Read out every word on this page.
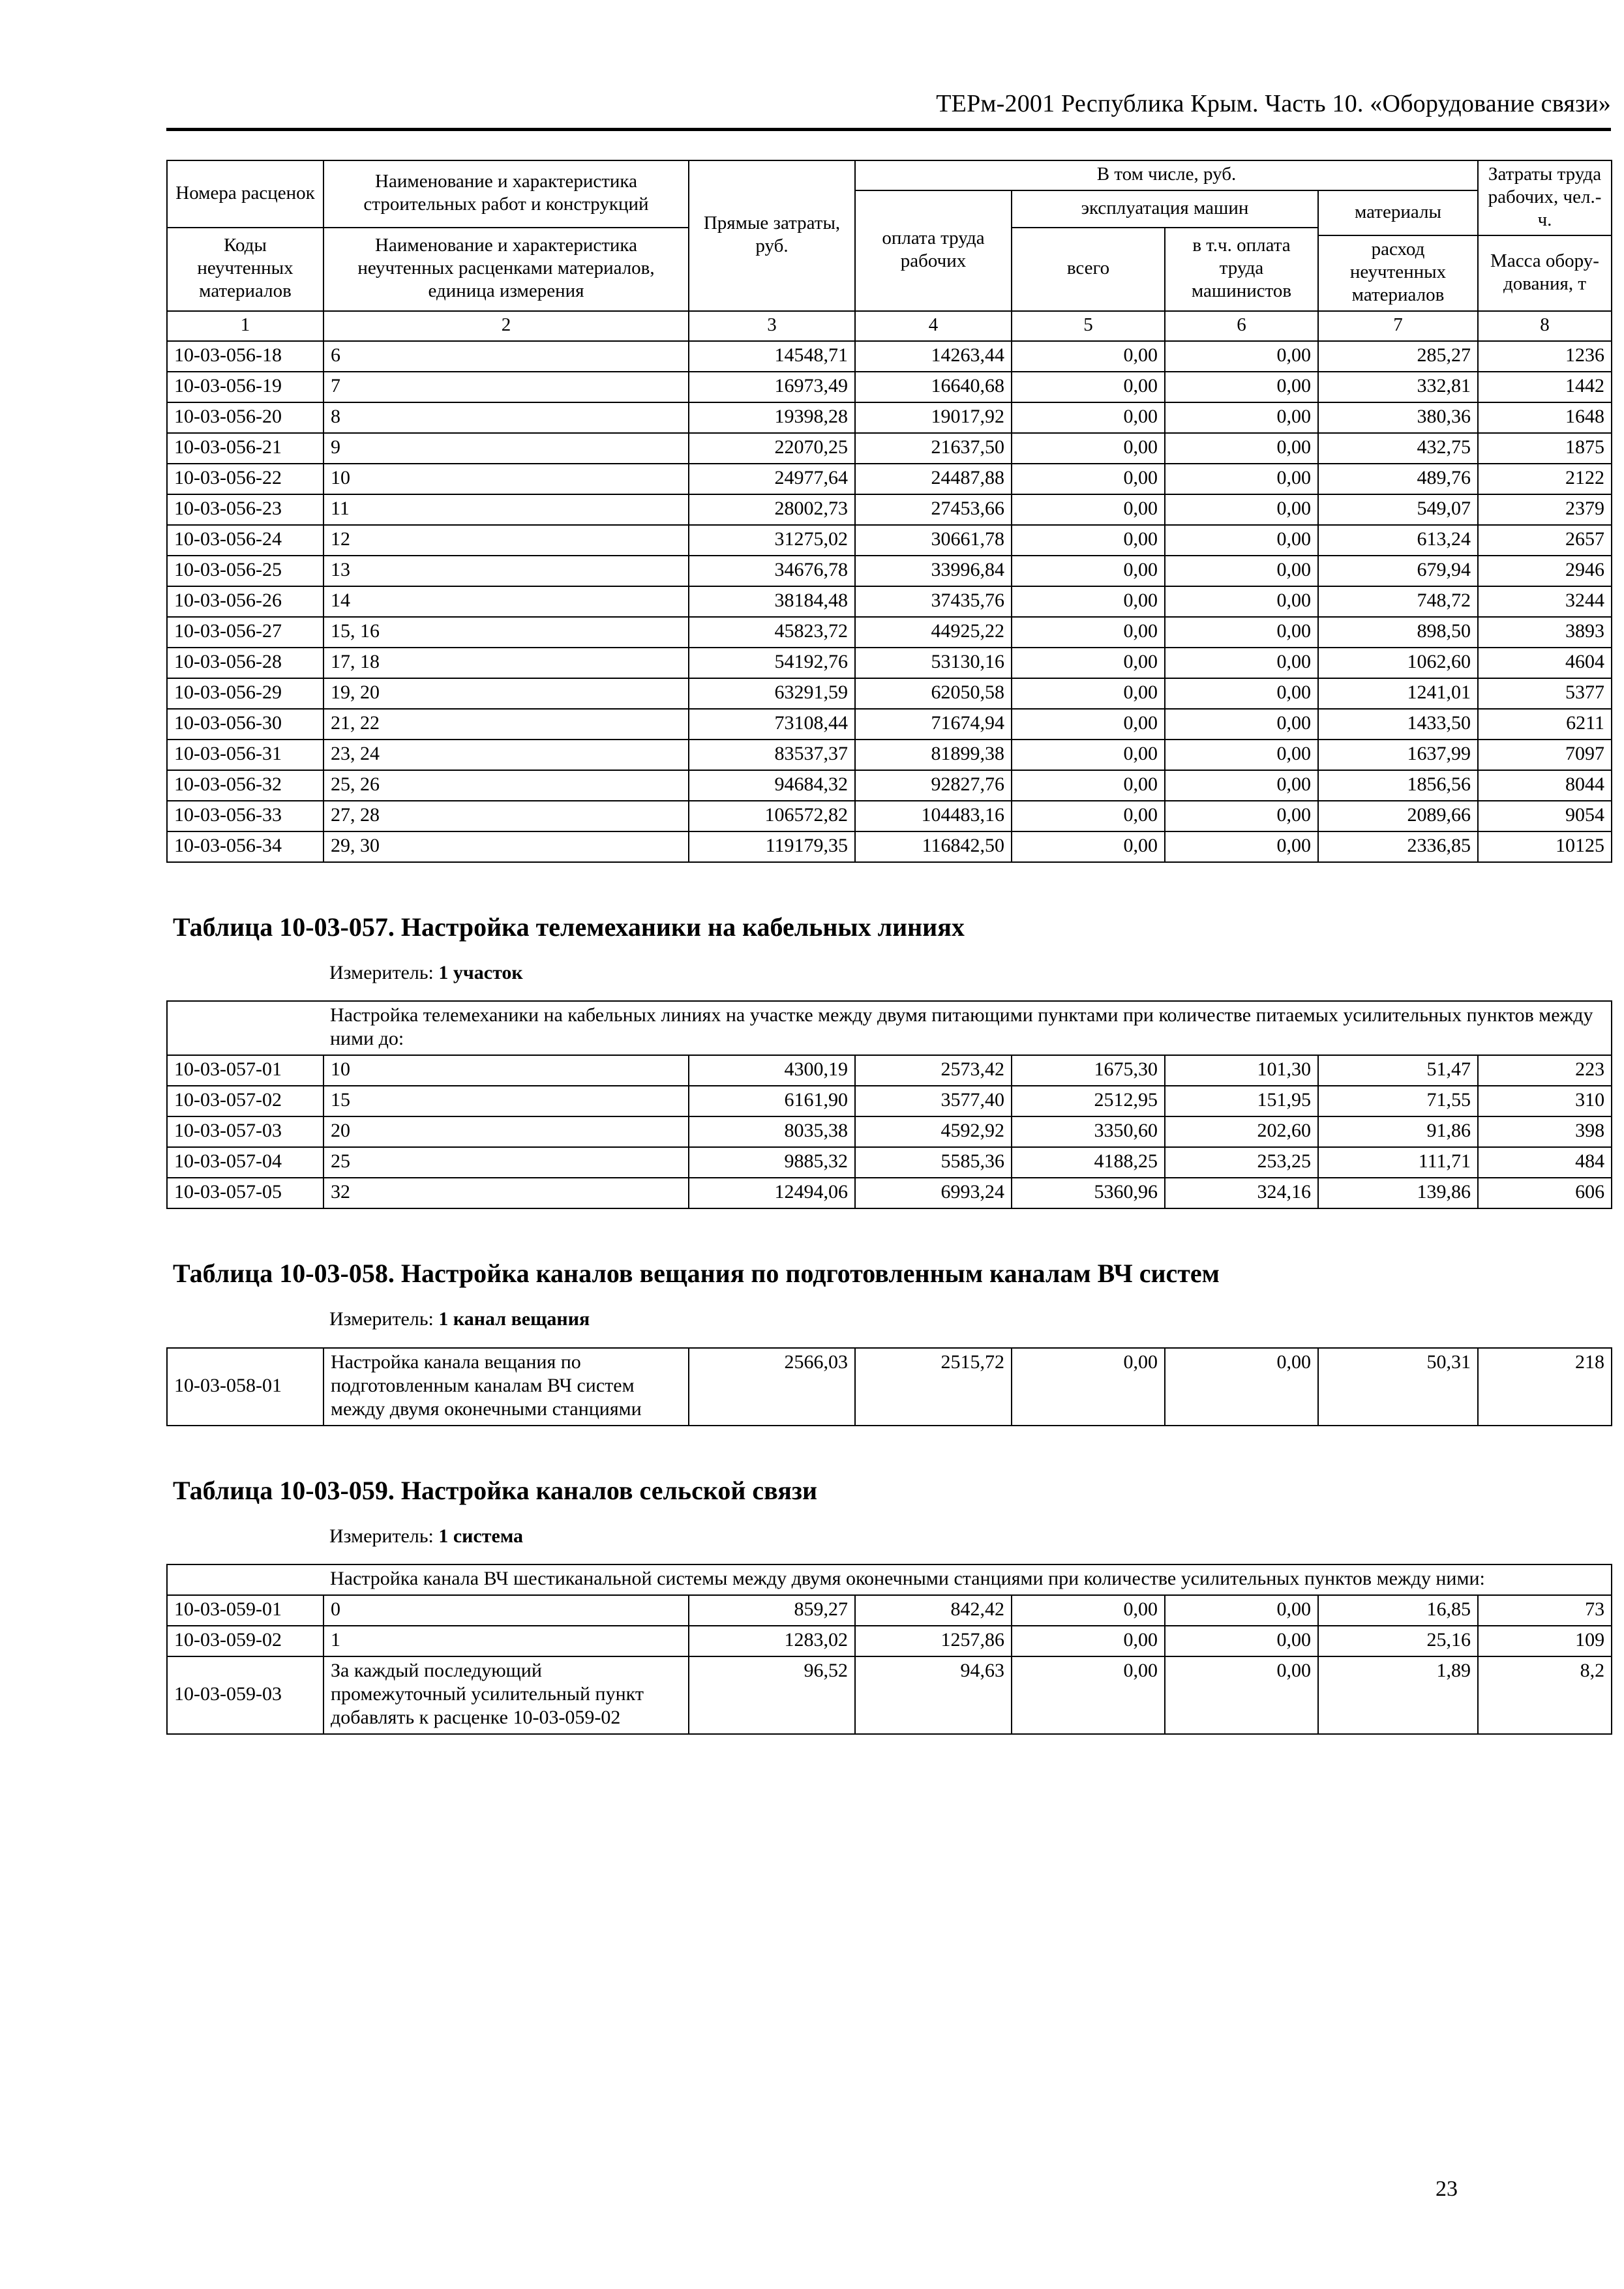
ТЕРм-2001 Республика Крым. Часть 10. «Оборудование связи»
Номера расценок	Наименование и характеристика строительных работ и конструкций	Прямые затраты, руб.	В том числе, руб.				Затраты труда рабочих, чел.-ч.
			оплата труда рабочих	эксплуатация машин		материалы	
Коды неучтенных материалов	Наименование и характеристика неучтенных расценками материалов, единица измерения			всего	в т.ч. оплата труда машинистов		
						расход неучтенных материалов	Масса обору-дования, т
1	2	3	4	5	6	7	8
10-03-056-18	6	14548,71	14263,44	0,00	0,00	285,27	1236
10-03-056-19	7	16973,49	16640,68	0,00	0,00	332,81	1442
10-03-056-20	8	19398,28	19017,92	0,00	0,00	380,36	1648
10-03-056-21	9	22070,25	21637,50	0,00	0,00	432,75	1875
10-03-056-22	10	24977,64	24487,88	0,00	0,00	489,76	2122
10-03-056-23	11	28002,73	27453,66	0,00	0,00	549,07	2379
10-03-056-24	12	31275,02	30661,78	0,00	0,00	613,24	2657
10-03-056-25	13	34676,78	33996,84	0,00	0,00	679,94	2946
10-03-056-26	14	38184,48	37435,76	0,00	0,00	748,72	3244
10-03-056-27	15, 16	45823,72	44925,22	0,00	0,00	898,50	3893
10-03-056-28	17, 18	54192,76	53130,16	0,00	0,00	1062,60	4604
10-03-056-29	19, 20	63291,59	62050,58	0,00	0,00	1241,01	5377
10-03-056-30	21, 22	73108,44	71674,94	0,00	0,00	1433,50	6211
10-03-056-31	23, 24	83537,37	81899,38	0,00	0,00	1637,99	7097
10-03-056-32	25, 26	94684,32	92827,76	0,00	0,00	1856,56	8044
10-03-056-33	27, 28	106572,82	104483,16	0,00	0,00	2089,66	9054
10-03-056-34	29, 30	119179,35	116842,50	0,00	0,00	2336,85	10125
Таблица 10-03-057. Настройка телемеханики на кабельных линиях
Измеритель: 1 участок
	Настройка телемеханики на кабельных линиях на участке между двумя питающими пунктами при количестве питаемых усилительных пунктов между ними до:						
10-03-057-01	10	4300,19	2573,42	1675,30	101,30	51,47	223
10-03-057-02	15	6161,90	3577,40	2512,95	151,95	71,55	310
10-03-057-03	20	8035,38	4592,92	3350,60	202,60	91,86	398
10-03-057-04	25	9885,32	5585,36	4188,25	253,25	111,71	484
10-03-057-05	32	12494,06	6993,24	5360,96	324,16	139,86	606
Таблица 10-03-058. Настройка каналов вещания по подготовленным каналам ВЧ систем
Измеритель: 1 канал вещания
10-03-058-01	Настройка канала вещания по подготовленным каналам ВЧ систем между двумя оконечными станциями	2566,03	2515,72	0,00	0,00	50,31	218
Таблица 10-03-059. Настройка каналов сельской связи
Измеритель: 1 система
	Настройка канала ВЧ шестиканальной системы между двумя оконечными станциями при количестве усилительных пунктов между ними:						
10-03-059-01	0	859,27	842,42	0,00	0,00	16,85	73
10-03-059-02	1	1283,02	1257,86	0,00	0,00	25,16	109
10-03-059-03	За каждый последующий промежуточный усилительный пункт добавлять к расценке 10-03-059-02	96,52	94,63	0,00	0,00	1,89	8,2
23
